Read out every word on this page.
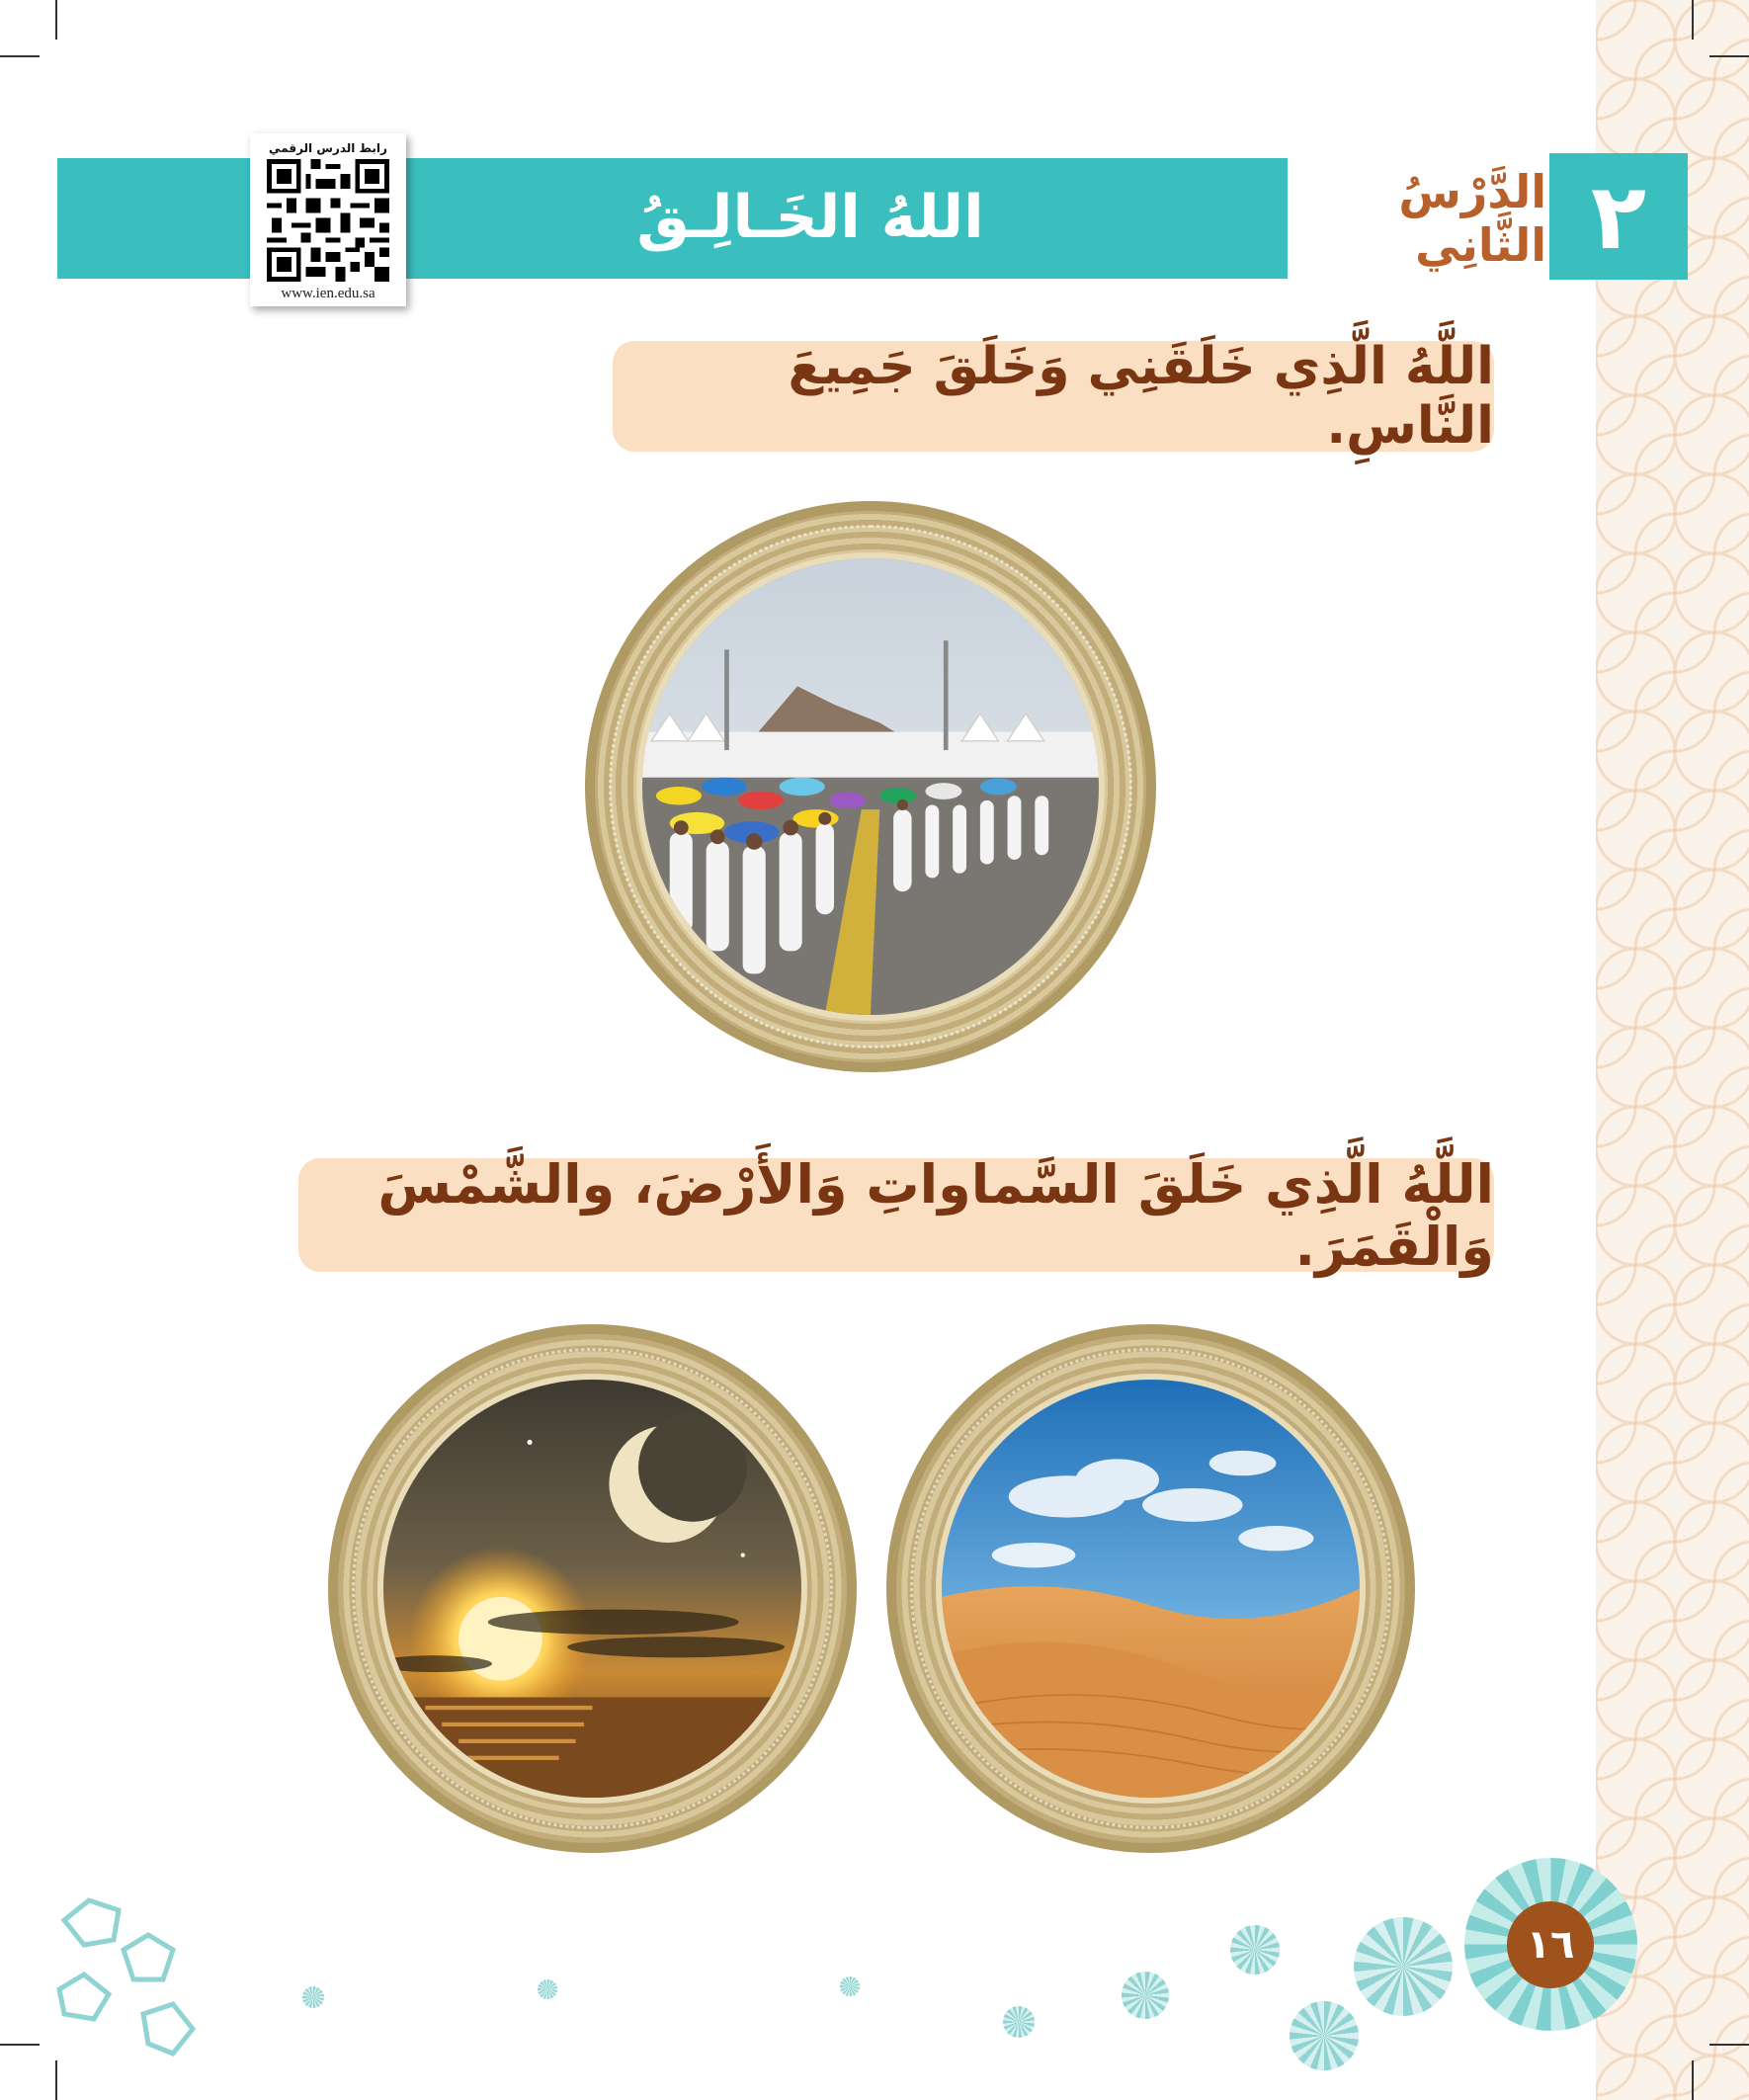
اللهُ الخَـالِـقُ	الدَّرْسُ الثَّانِي ٢
رابط الدرس الرقمي
www.ien.edu.sa
اللَّهُ الَّذِي خَلَقَنِي وَخَلَقَ جَمِيعَ النَّاسِ.
اللَّهُ الَّذِي خَلَقَ السَّماواتِ وَالأَرْضَ، والشَّمْسَ وَالْقَمَرَ.
١٦
